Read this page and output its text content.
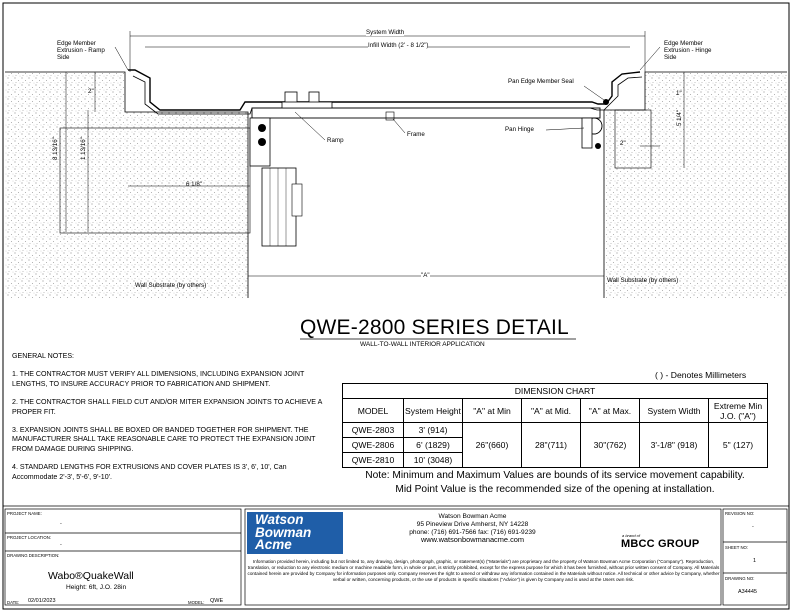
Edge Member
Extrusion - Ramp
Side
Edge Member
Extrusion - Hinge
Side
System Width
Infill Width (2' - 8 1/2")
Pan Edge Member Seal
Ramp
Frame
Pan Hinge
Wall Substrate (by others)
Wall Substrate (by others)
"A"
2"
2"
1"
8 13/16"	1 13/16"
6 1/8"
5 1/4"
QWE-2800 SERIES DETAIL
WALL-TO-WALL INTERIOR APPLICATION

GENERAL NOTES:

1. THE CONTRACTOR MUST VERIFY ALL DIMENSIONS, INCLUDING EXPANSION JOINT LENGTHS, TO INSURE ACCURACY PRIOR TO FABRICATION AND SHIPMENT.

2. THE CONTRACTOR SHALL FIELD CUT AND/OR MITER EXPANSION JOINTS TO ACHIEVE A PROPER FIT.

3. EXPANSION JOINTS SHALL BE BOXED OR BANDED TOGETHER FOR SHIPMENT. THE MANUFACTURER SHALL TAKE REASONABLE CARE TO PROTECT THE EXPANSION JOINT FROM DAMAGE DURING SHIPPING.

4. STANDARD LENGTHS FOR EXTRUSIONS AND COVER PLATES IS 3', 6', 10', Can Accommodate 2'-3', 5'-6', 9'-10'.

( ) - Denotes Millimeters
DIMENSION CHART						
MODEL	System Height	"A" at Min	"A" at Mid.	"A" at Max.	System Width	Extreme Min J.O. ("A")
QWE-2803	3' (914)	26"(660)	28"(711)	30"(762)	3'-1/8" (918)	5" (127)
QWE-2806	6' (1829)					
QWE-2810	10' (3048)					
Note: Minimum and Maximum Values are bounds of its service movement capability.
Mid Point Value is the recommended size of the opening at installation.
PROJECT NAME:
-
PROJECT LOCATION:
-
DRAWING DESCRIPTION:
Wabo®QuakeWall
Height: 6ft, J.O. 28in
DATE: 02/01/2023	MODEL: QWE
Watson
Bowman
Acme
Watson Bowman Acme
95 Pineview Drive Amherst, NY 14228
phone: (716) 691-7566 fax: (716) 691-9239
www.watsonbowmanacme.com	a brand of
MBCC GROUP
Information provided herein, including but not limited to, any drawing, design, photograph, graphic, or statement(s) ("Materials") are proprietary and the property of Watson Bowman Acme Corporation ("Company"). Reproduction, translation, or reduction to any electronic medium or machine readable form, in whole or part, is strictly prohibited, except for the express purpose for which it has been furnished, without prior written consent of Company. All Materials contained herein are provided by Company for information purposes only. Company reserves the right to amend or withdraw any information contained in the Materials without notice. All technical or other advice by Company, whether verbal or written, concerning products, or the use of products in specific situations ("Advice") is given by Company and is used at the Users own risk.
REVISION NO:
-
SHEET NO:
1
DRAWING NO:
A34445
